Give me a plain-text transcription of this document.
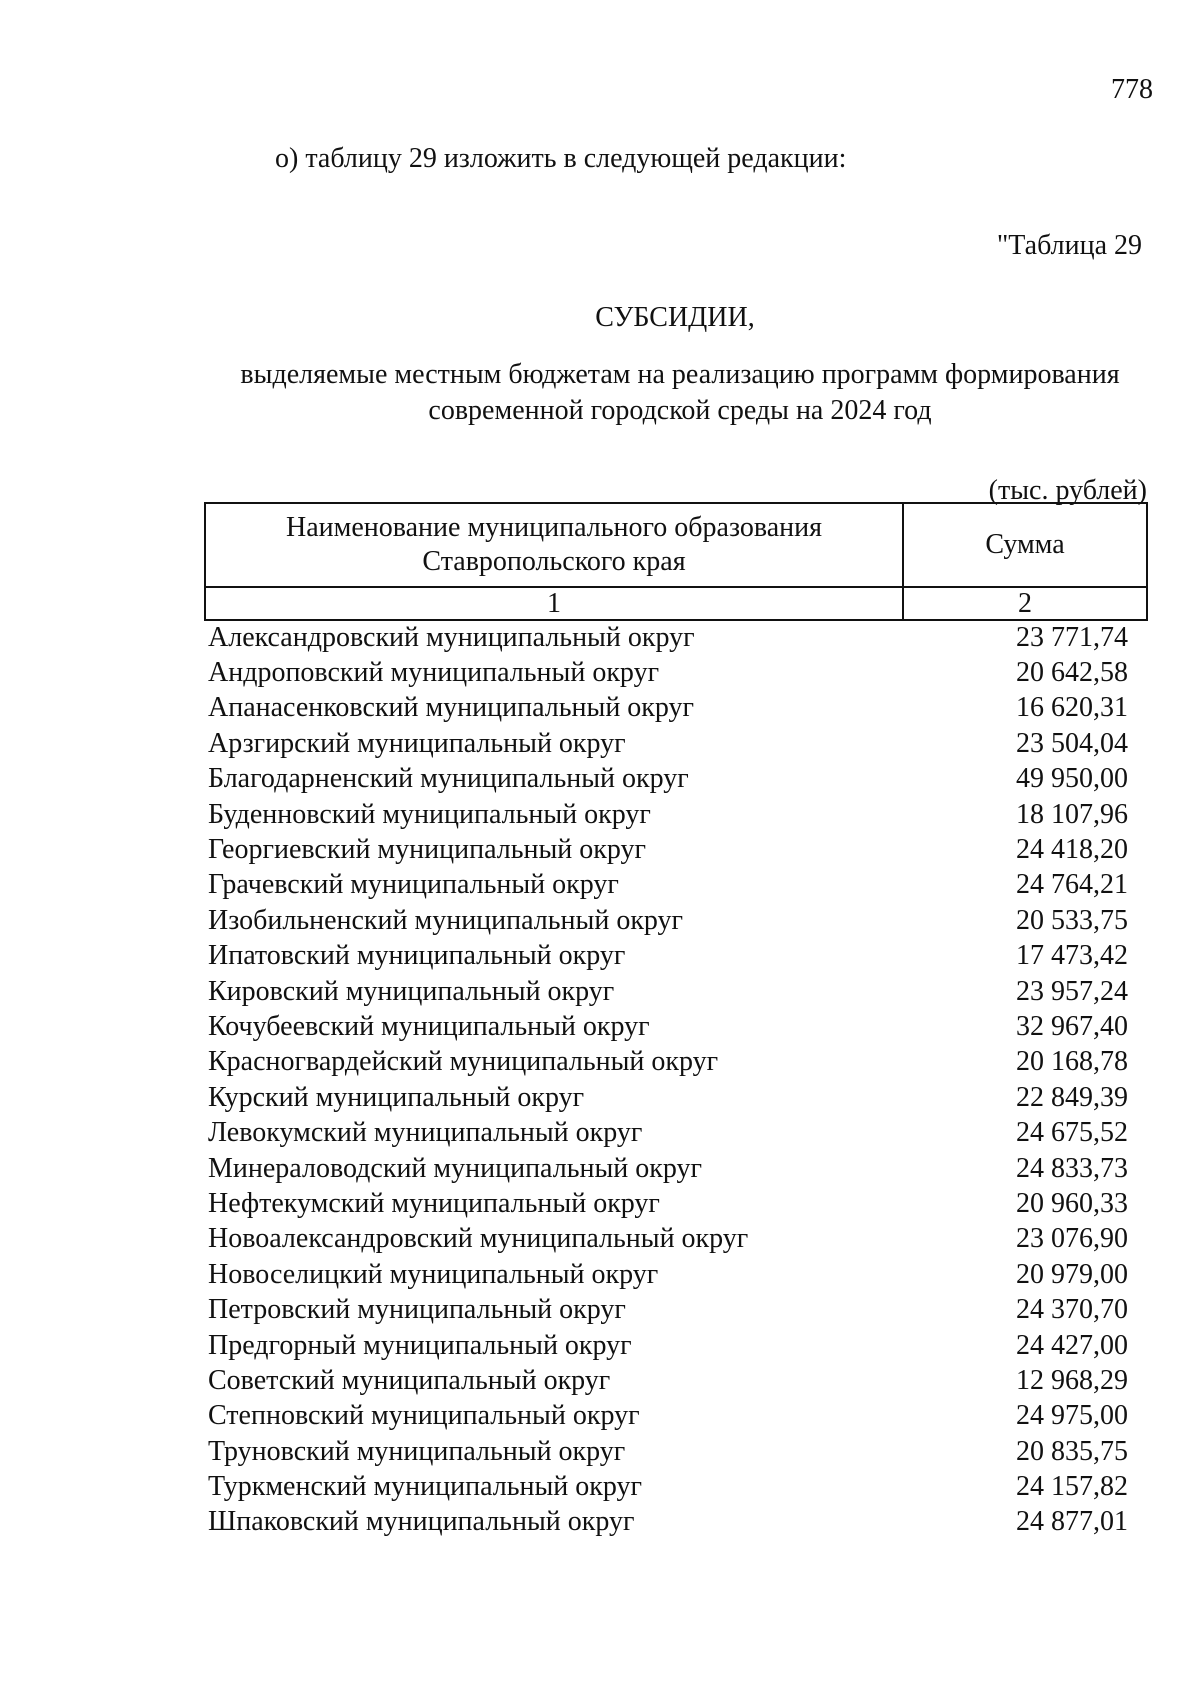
778
о) таблицу 29 изложить в следующей редакции:
"Таблица 29
СУБСИДИИ,
выделяемые местным бюджетам на реализацию программ формирования современной городской среды на 2024 год
(тыс. рублей)
Наименование муниципального образования Ставропольского края	Сумма
1	2
Александровский муниципальный округ	23 771,74
Андроповский муниципальный округ	20 642,58
Апанасенковский муниципальный округ	16 620,31
Арзгирский муниципальный округ	23 504,04
Благодарненский муниципальный округ	49 950,00
Буденновский муниципальный округ	18 107,96
Георгиевский муниципальный округ	24 418,20
Грачевский муниципальный округ	24 764,21
Изобильненский муниципальный округ	20 533,75
Ипатовский муниципальный округ	17 473,42
Кировский муниципальный округ	23 957,24
Кочубеевский муниципальный округ	32 967,40
Красногвардейский муниципальный округ	20 168,78
Курский муниципальный округ	22 849,39
Левокумский муниципальный округ	24 675,52
Минераловодский муниципальный округ	24 833,73
Нефтекумский муниципальный округ	20 960,33
Новоалександровский муниципальный округ	23 076,90
Новоселицкий муниципальный округ	20 979,00
Петровский муниципальный округ	24 370,70
Предгорный муниципальный округ	24 427,00
Советский муниципальный округ	12 968,29
Степновский муниципальный округ	24 975,00
Труновский муниципальный округ	20 835,75
Туркменский муниципальный округ	24 157,82
Шпаковский муниципальный округ	24 877,01
